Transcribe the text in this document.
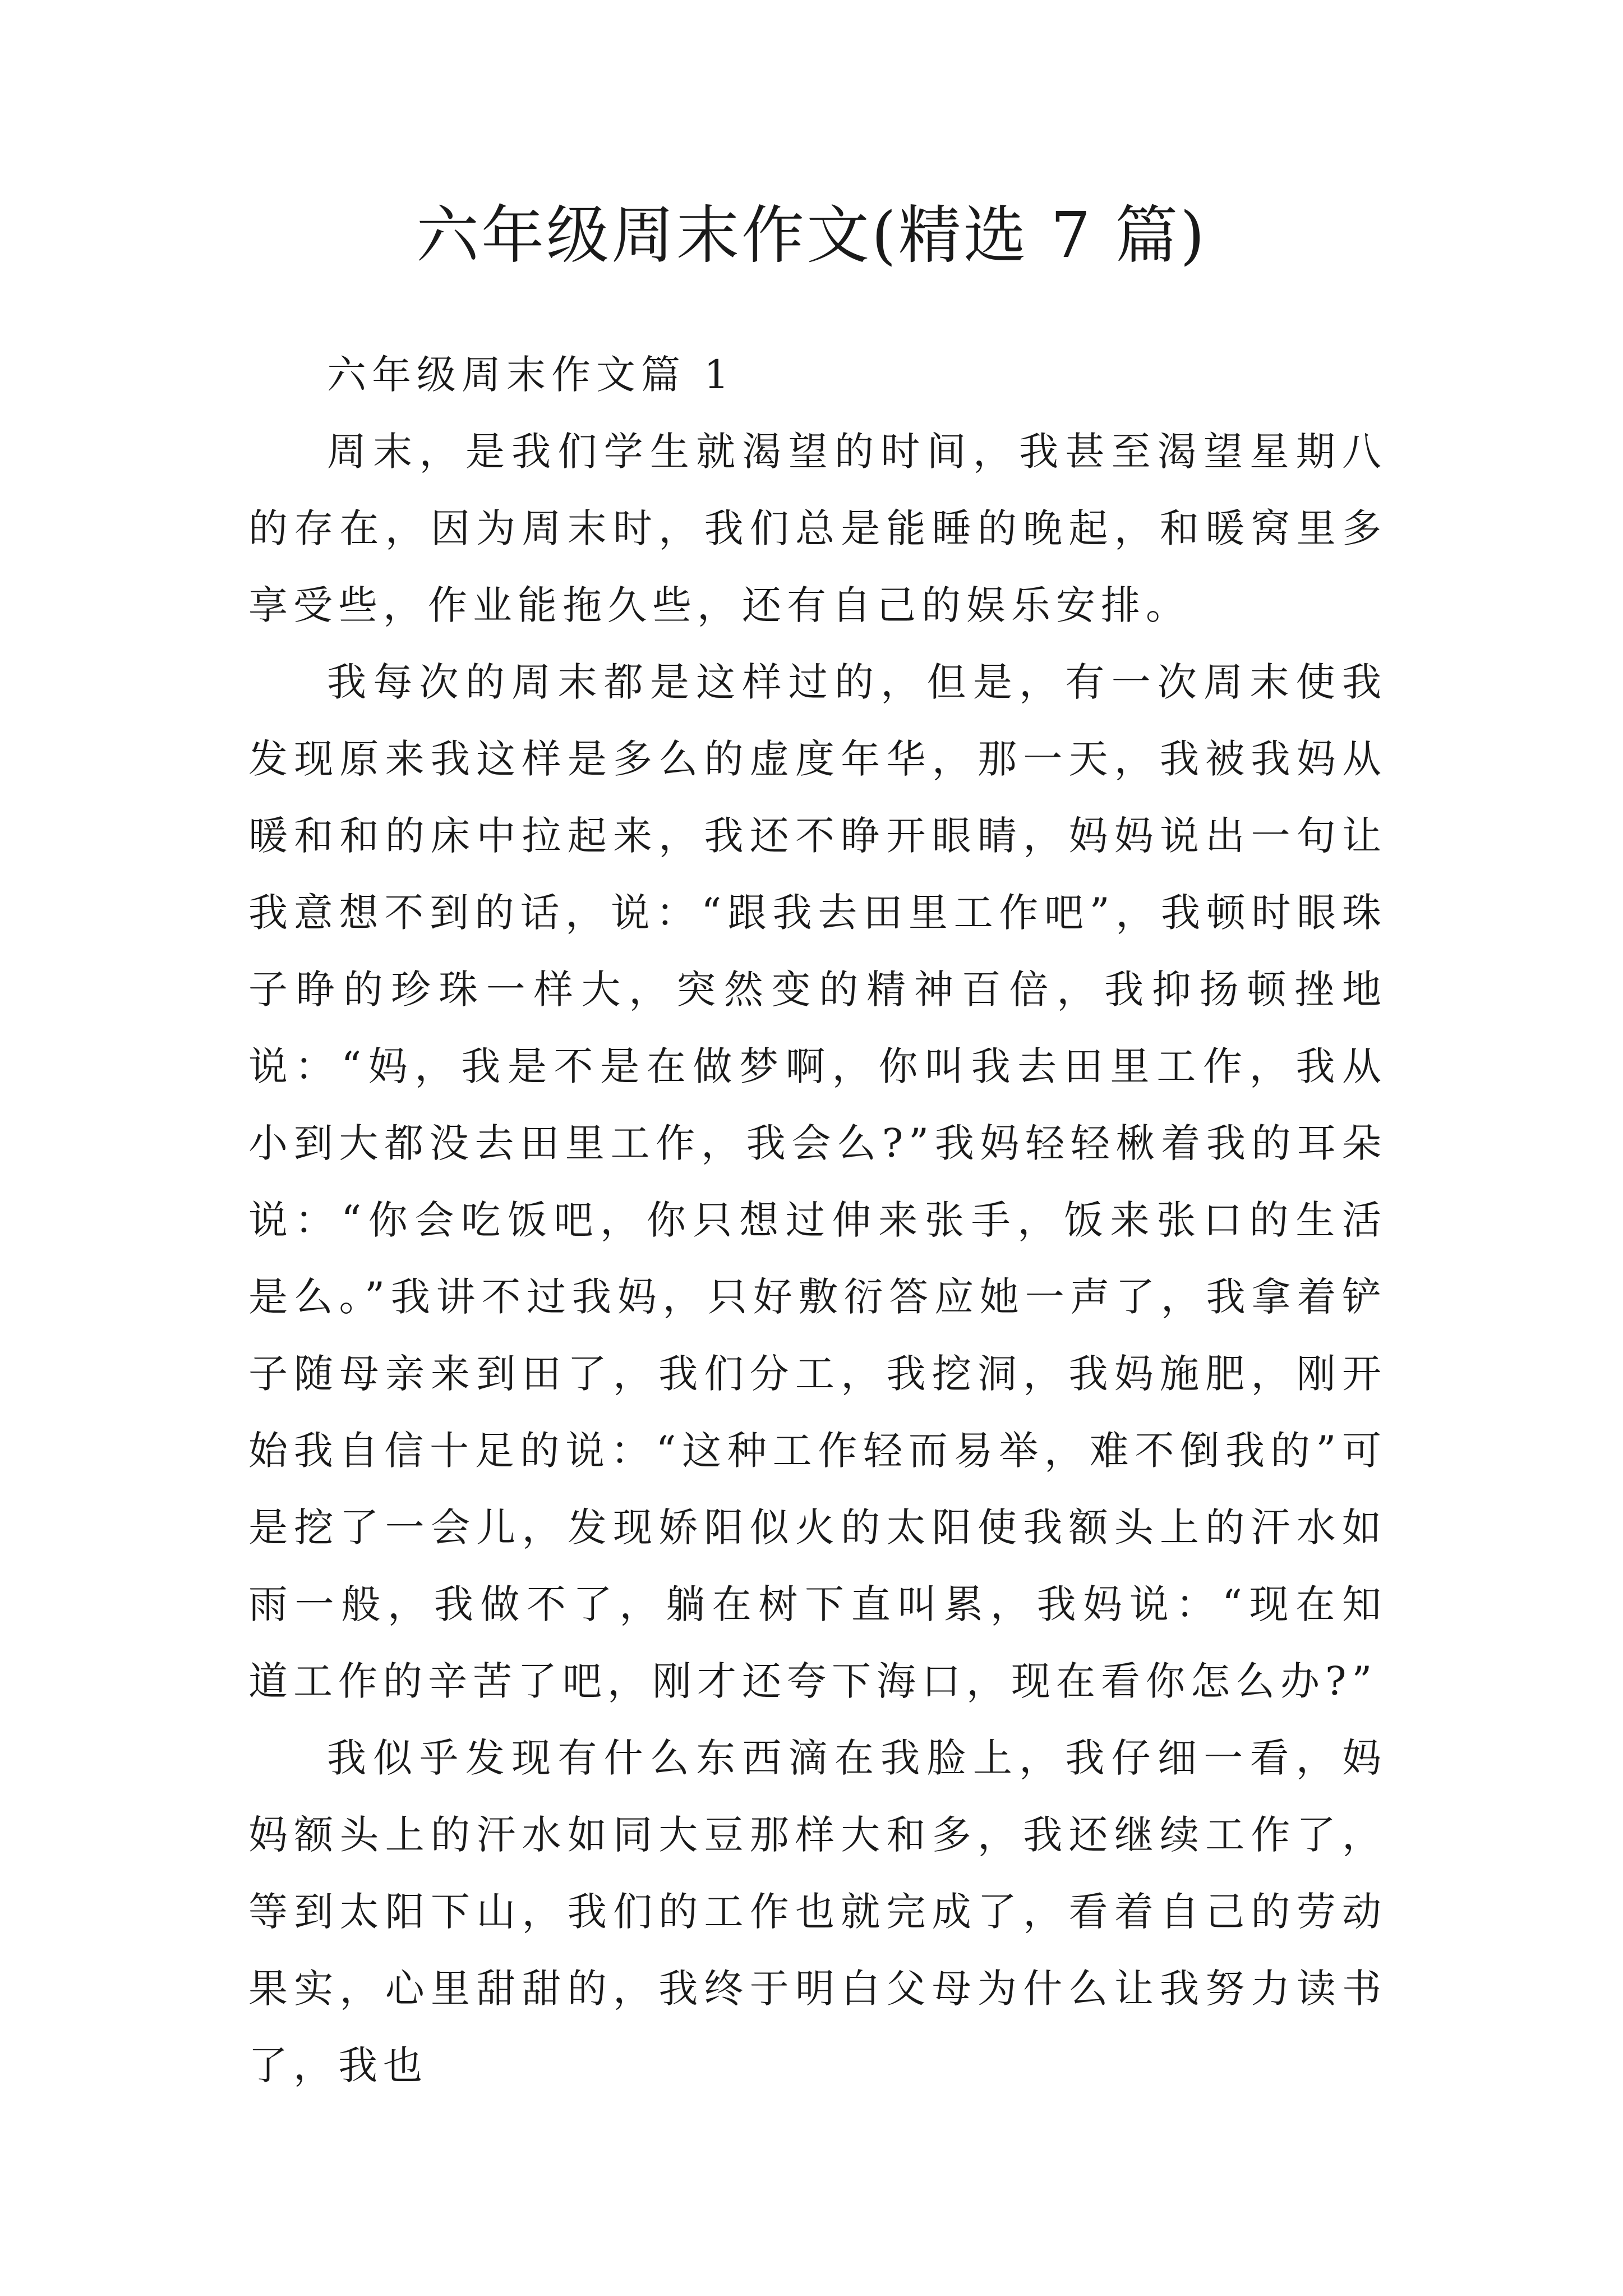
六年级周末作文(精选 7 篇)
六年级周末作文篇 1

周末，是我们学生就渴望的时间，我甚至渴望星期八的存在，因为周末时，我们总是能睡的晚起，和暖窝里多享受些，作业能拖久些，还有自己的娱乐安排。

我每次的周末都是这样过的，但是，有一次周末使我发现原来我这样是多么的虚度年华，那一天，我被我妈从暖和和的床中拉起来，我还不睁开眼睛，妈妈说出一句让我意想不到的话，说：“跟我去田里工作吧”，我顿时眼珠子睁的珍珠一样大，突然变的精神百倍，我抑扬顿挫地说：“妈，我是不是在做梦啊，你叫我去田里工作，我从小到大都没去田里工作，我会么?”我妈轻轻楸着我的耳朵说：“你会吃饭吧，你只想过伸来张手，饭来张口的生活是么。”我讲不过我妈，只好敷衍答应她一声了，我拿着铲子随母亲来到田了，我们分工，我挖洞，我妈施肥，刚开始我自信十足的说：“这种工作轻而易举，难不倒我的”可是挖了一会儿，发现娇阳似火的太阳使我额头上的汗水如雨一般，我做不了，躺在树下直叫累，我妈说：“现在知道工作的辛苦了吧，刚才还夸下海口，现在看你怎么办?”

我似乎发现有什么东西滴在我脸上，我仔细一看，妈妈额头上的汗水如同大豆那样大和多，我还继续工作了，等到太阳下山，我们的工作也就完成了，看着自己的劳动果实，心里甜甜的，我终于明白父母为什么让我努力读书了，我也
